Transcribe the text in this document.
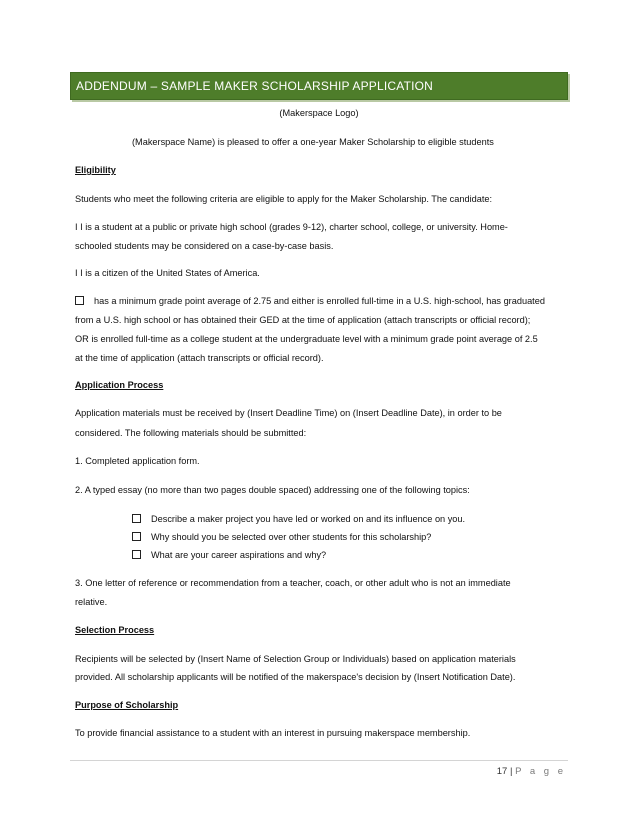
ADDENDUM – SAMPLE MAKER SCHOLARSHIP APPLICATION
(Makerspace Logo)
(Makerspace Name) is pleased to offer a one-year Maker Scholarship to eligible students
Eligibility
Students who meet the following criteria are eligible to apply for the Maker Scholarship. The candidate:
I I is a student at a public or private high school (grades 9-12), charter school, college, or university. Home-
schooled students may be considered on a case-by-case basis.
I I is a citizen of the United States of America.
has a minimum grade point average of 2.75 and either is enrolled full-time in a U.S. high-school, has graduated
from a U.S. high school or has obtained their GED at the time of application (attach transcripts or official record);
OR is enrolled full-time as a college student at the undergraduate level with a minimum grade point average of 2.5
at the time of application (attach transcripts or official record).
Application Process
Application materials must be received by (Insert Deadline Time) on (Insert Deadline Date), in order to be
considered. The following materials should be submitted:
1. Completed application form.
2. A typed essay (no more than two pages double spaced) addressing one of the following topics:
Describe a maker project you have led or worked on and its influence on you.
Why should you be selected over other students for this scholarship?
What are your career aspirations and why?
3. One letter of reference or recommendation from a teacher, coach, or other adult who is not an immediate
relative.
Selection Process
Recipients will be selected by (Insert Name of Selection Group or Individuals) based on application materials
provided. All scholarship applicants will be notified of the makerspace's decision by (Insert Notification Date).
Purpose of Scholarship
To provide financial assistance to a student with an interest in pursuing makerspace membership.
17 | P a g e
